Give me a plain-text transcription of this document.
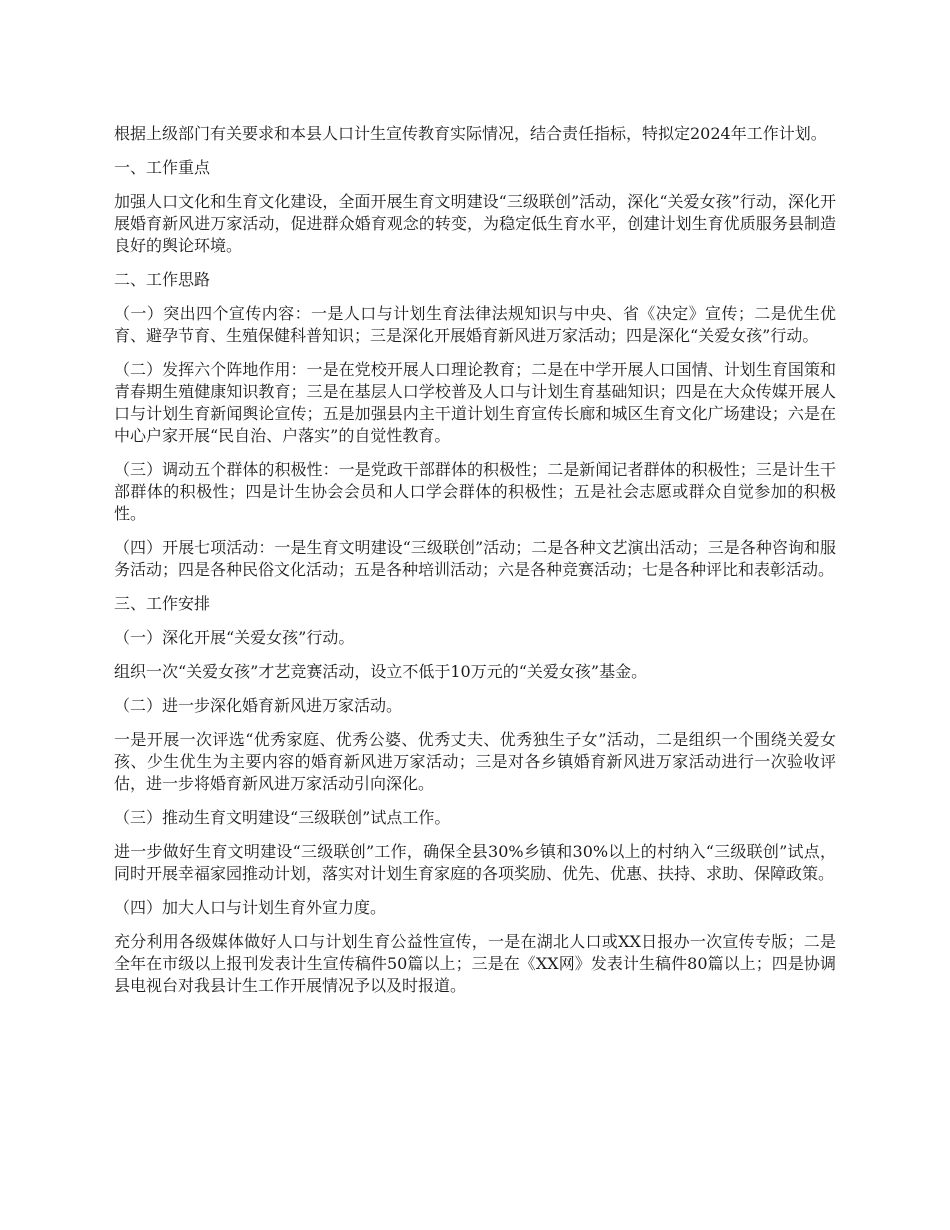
根据上级部门有关要求和本县人口计生宣传教育实际情况，结合责任指标，特拟定2024年工作计划。

一、工作重点

加强人口文化和生育文化建设，全面开展生育文明建设“三级联创”活动，深化“关爱女孩”行动，深化开展婚育新风进万家活动，促进群众婚育观念的转变，为稳定低生育水平，创建计划生育优质服务县制造良好的舆论环境。

二、工作思路

（一）突出四个宣传内容：一是人口与计划生育法律法规知识与中央、省《决定》宣传；二是优生优育、避孕节育、生殖保健科普知识；三是深化开展婚育新风进万家活动；四是深化“关爱女孩”行动。

（二）发挥六个阵地作用：一是在党校开展人口理论教育；二是在中学开展人口国情、计划生育国策和青春期生殖健康知识教育；三是在基层人口学校普及人口与计划生育基础知识；四是在大众传媒开展人口与计划生育新闻舆论宣传；五是加强县内主干道计划生育宣传长廊和城区生育文化广场建设；六是在中心户家开展“民自治、户落实”的自觉性教育。

（三）调动五个群体的积极性：一是党政干部群体的积极性；二是新闻记者群体的积极性；三是计生干部群体的积极性；四是计生协会会员和人口学会群体的积极性；五是社会志愿或群众自觉参加的积极性。

（四）开展七项活动：一是生育文明建设“三级联创”活动；二是各种文艺演出活动；三是各种咨询和服务活动；四是各种民俗文化活动；五是各种培训活动；六是各种竞赛活动；七是各种评比和表彰活动。

三、工作安排

（一）深化开展“关爱女孩”行动。

组织一次“关爱女孩”才艺竞赛活动，设立不低于10万元的“关爱女孩”基金。

（二）进一步深化婚育新风进万家活动。

一是开展一次评选“优秀家庭、优秀公婆、优秀丈夫、优秀独生子女”活动，二是组织一个围绕关爱女孩、少生优生为主要内容的婚育新风进万家活动；三是对各乡镇婚育新风进万家活动进行一次验收评估，进一步将婚育新风进万家活动引向深化。

（三）推动生育文明建设“三级联创”试点工作。

进一步做好生育文明建设“三级联创”工作，确保全县30%乡镇和30%以上的村纳入“三级联创”试点，同时开展幸福家园推动计划，落实对计划生育家庭的各项奖励、优先、优惠、扶持、求助、保障政策。

（四）加大人口与计划生育外宣力度。

充分利用各级媒体做好人口与计划生育公益性宣传，一是在湖北人口或XX日报办一次宣传专版；二是全年在市级以上报刊发表计生宣传稿件50篇以上；三是在《XX网》发表计生稿件80篇以上；四是协调县电视台对我县计生工作开展情况予以及时报道。
